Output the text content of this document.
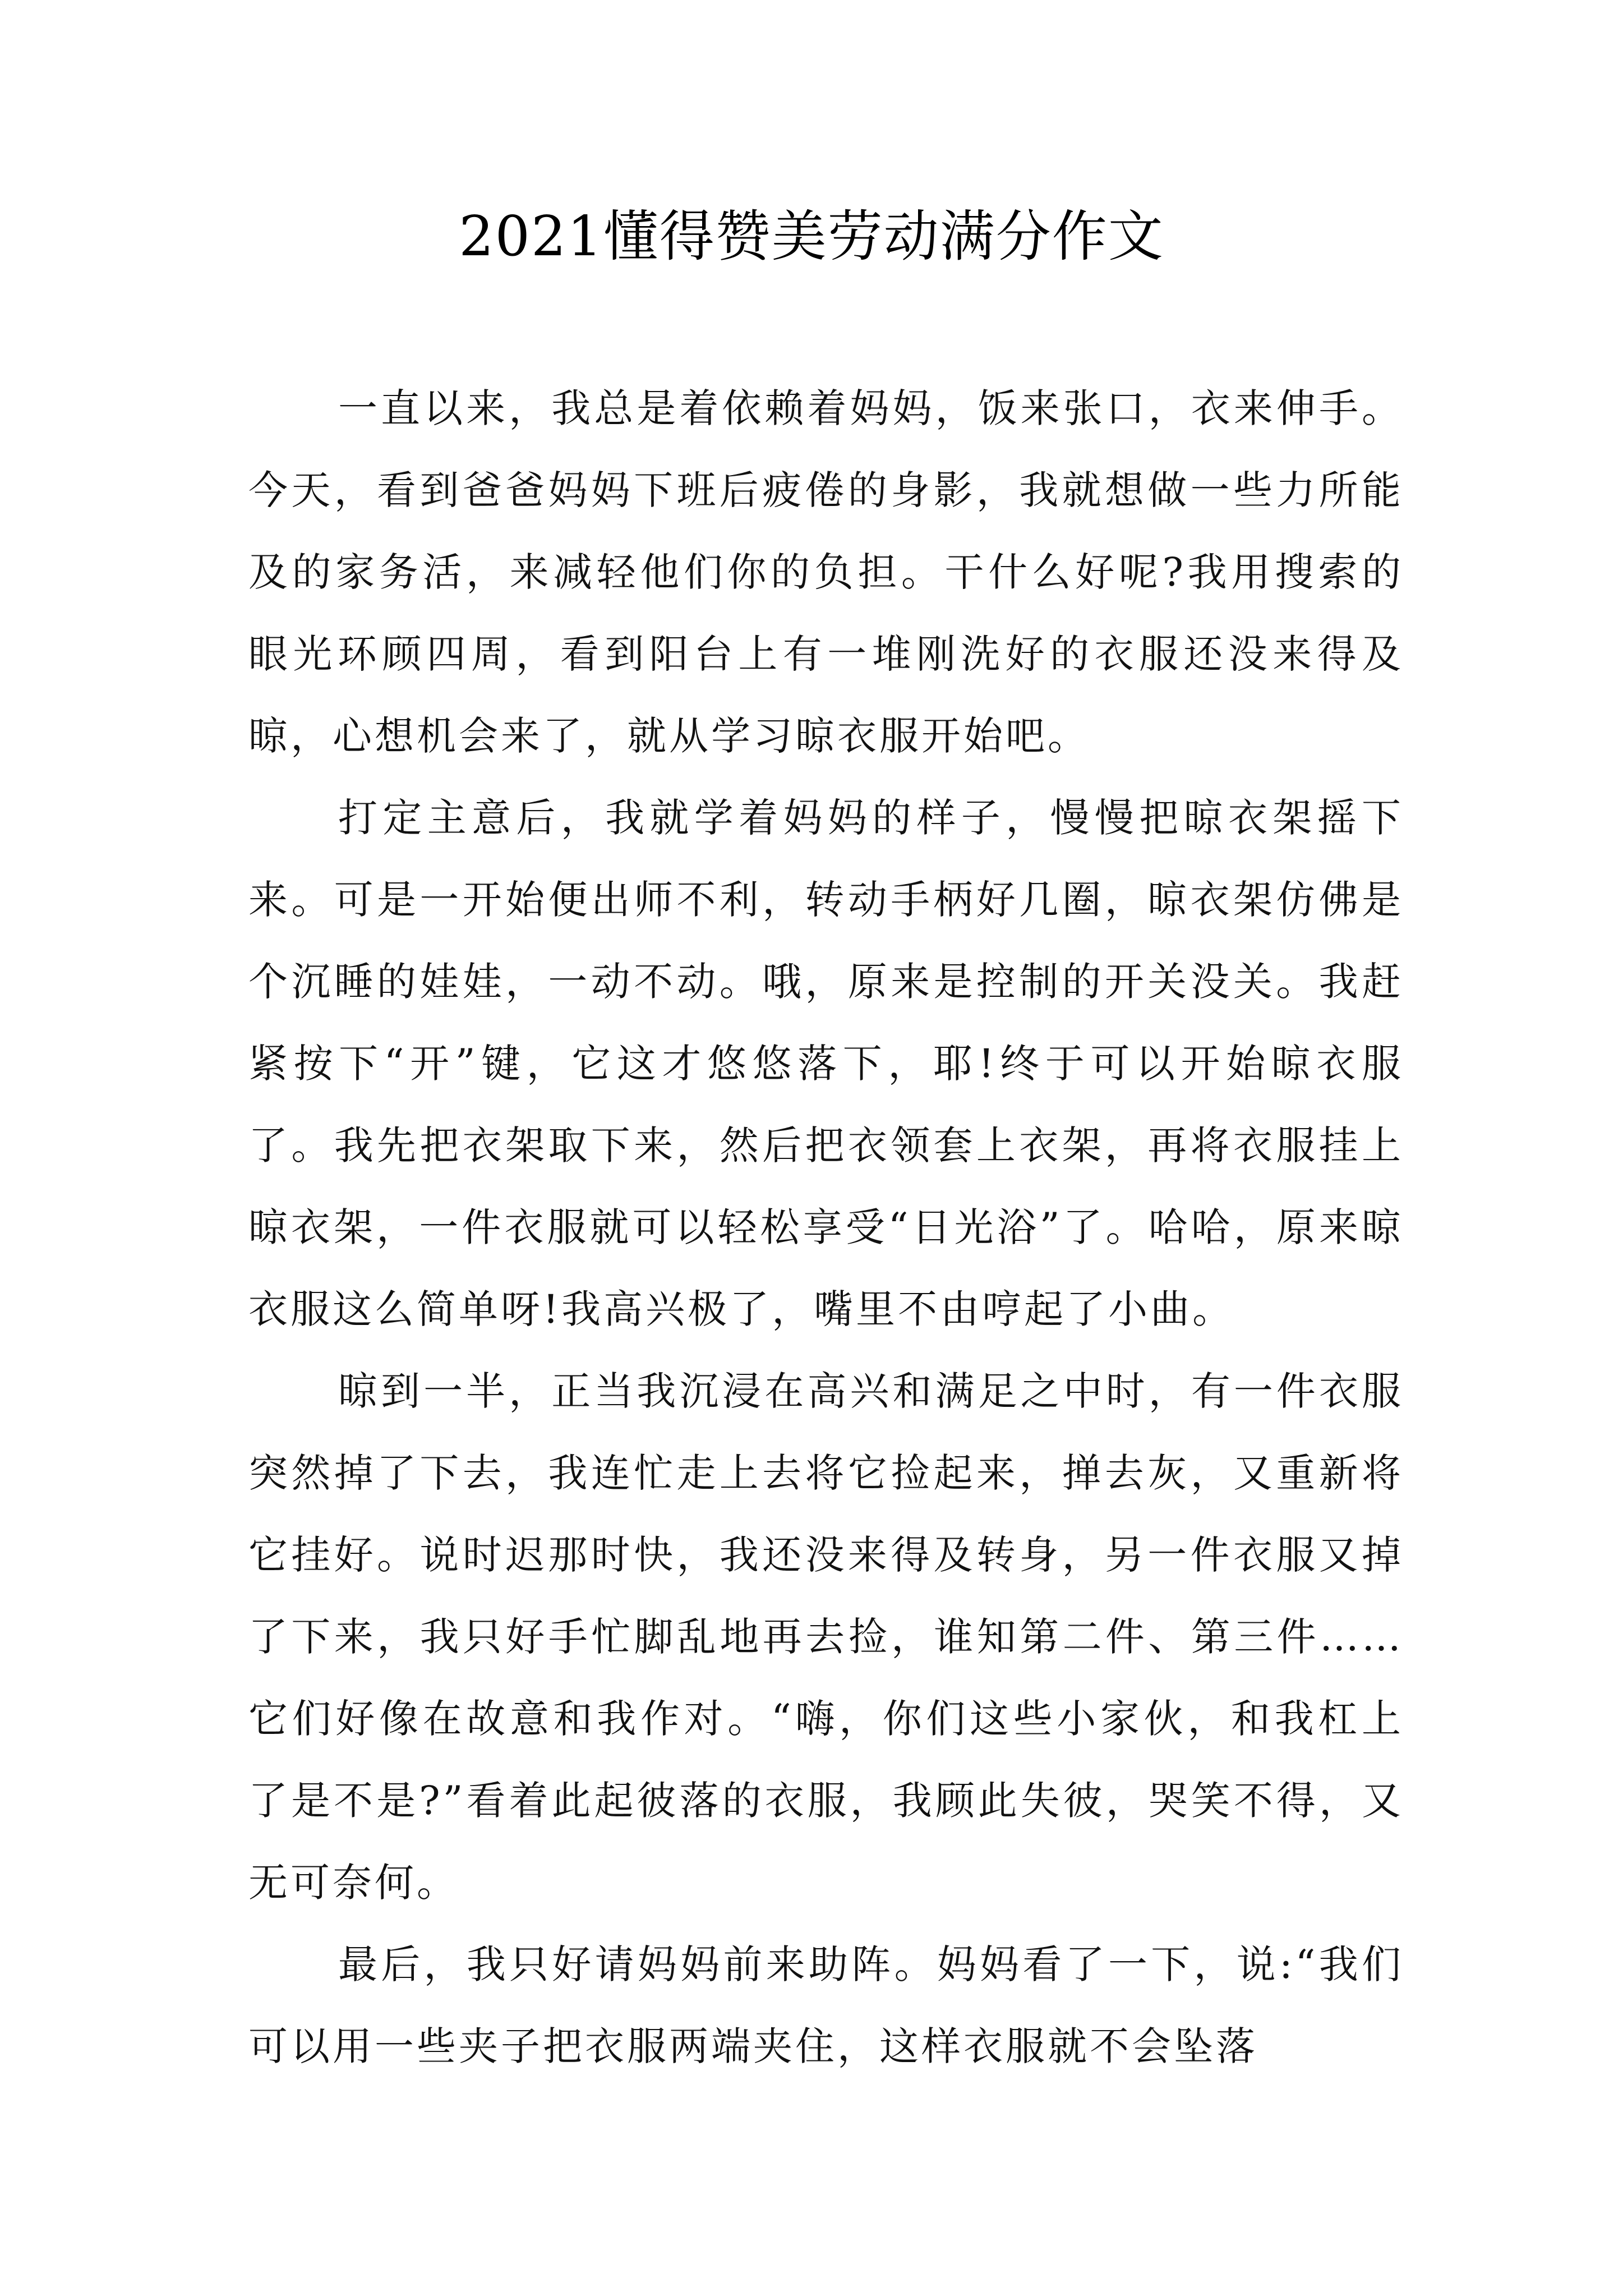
2021懂得赞美劳动满分作文

一直以来，我总是着依赖着妈妈，饭来张口，衣来伸手。今天，看到爸爸妈妈下班后疲倦的身影，我就想做一些力所能及的家务活，来减轻他们你的负担。干什么好呢?我用搜索的眼光环顾四周，看到阳台上有一堆刚洗好的衣服还没来得及晾，心想机会来了，就从学习晾衣服开始吧。

打定主意后，我就学着妈妈的样子，慢慢把晾衣架摇下来。可是一开始便出师不利，转动手柄好几圈，晾衣架仿佛是个沉睡的娃娃，一动不动。哦，原来是控制的开关没关。我赶紧按下“开”键，它这才悠悠落下，耶!终于可以开始晾衣服了。我先把衣架取下来，然后把衣领套上衣架，再将衣服挂上晾衣架，一件衣服就可以轻松享受“日光浴”了。哈哈，原来晾衣服这么简单呀!我高兴极了，嘴里不由哼起了小曲。

晾到一半，正当我沉浸在高兴和满足之中时，有一件衣服突然掉了下去，我连忙走上去将它捡起来，掸去灰，又重新将它挂好。说时迟那时快，我还没来得及转身，另一件衣服又掉了下来，我只好手忙脚乱地再去捡，谁知第二件、第三件……它们好像在故意和我作对。“嗨，你们这些小家伙，和我杠上了是不是?”看着此起彼落的衣服，我顾此失彼，哭笑不得，又无可奈何。

最后，我只好请妈妈前来助阵。妈妈看了一下，说:“我们可以用一些夹子把衣服两端夹住，这样衣服就不会坠落
